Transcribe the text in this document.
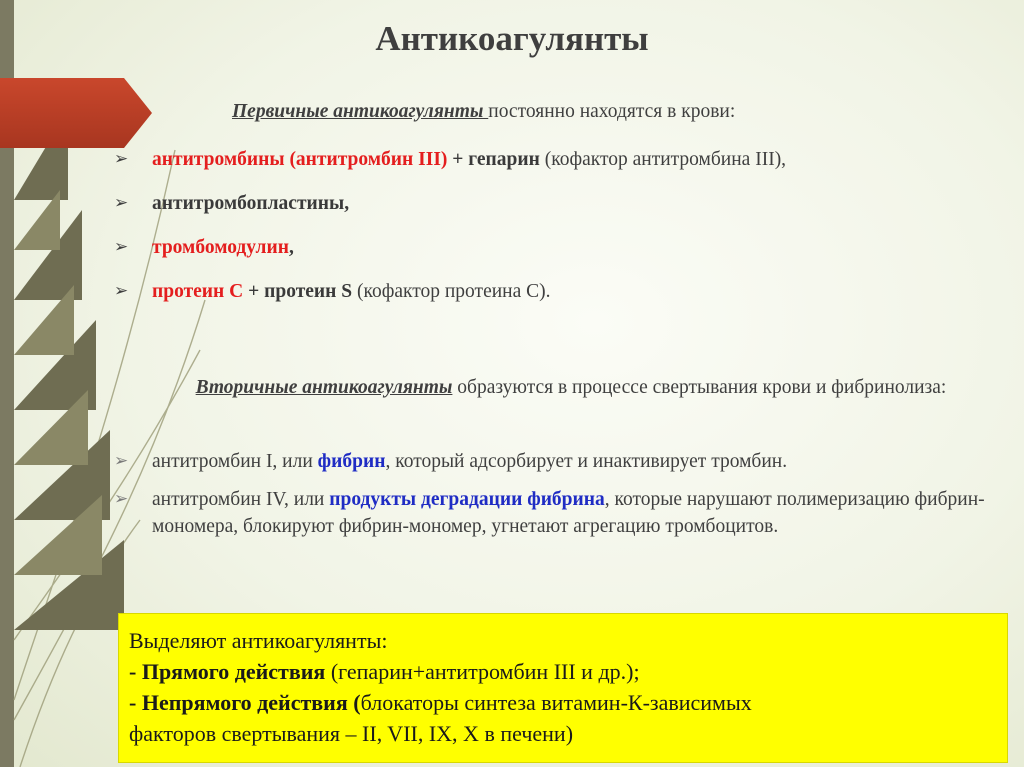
Антикоагулянты

Первичные антикоагулянты постоянно находятся в крови:

➢ антитромбины (антитромбин III) + гепарин (кофактор антитромбина III),
➢ антитромбопластины,
➢ тромбомодулин,
➢ протеин С + протеин S (кофактор протеина С).

Вторичные антикоагулянты образуются в процессе свертывания крови и фибринолиза:

➢ антитромбин I, или фибрин, который адсорбирует и инактивирует тромбин.
➢ антитромбин IV, или продукты деградации фибрина, которые нарушают полимеризацию фибрин-мономера, блокируют фибрин-мономер, угнетают агрегацию тромбоцитов.
Выделяют антикоагулянты:
- Прямого действия (гепарин+антитромбин III и др.);
- Непрямого действия (блокаторы синтеза витамин-К-зависимых
факторов свертывания – II, VII, IX, X в печени)
